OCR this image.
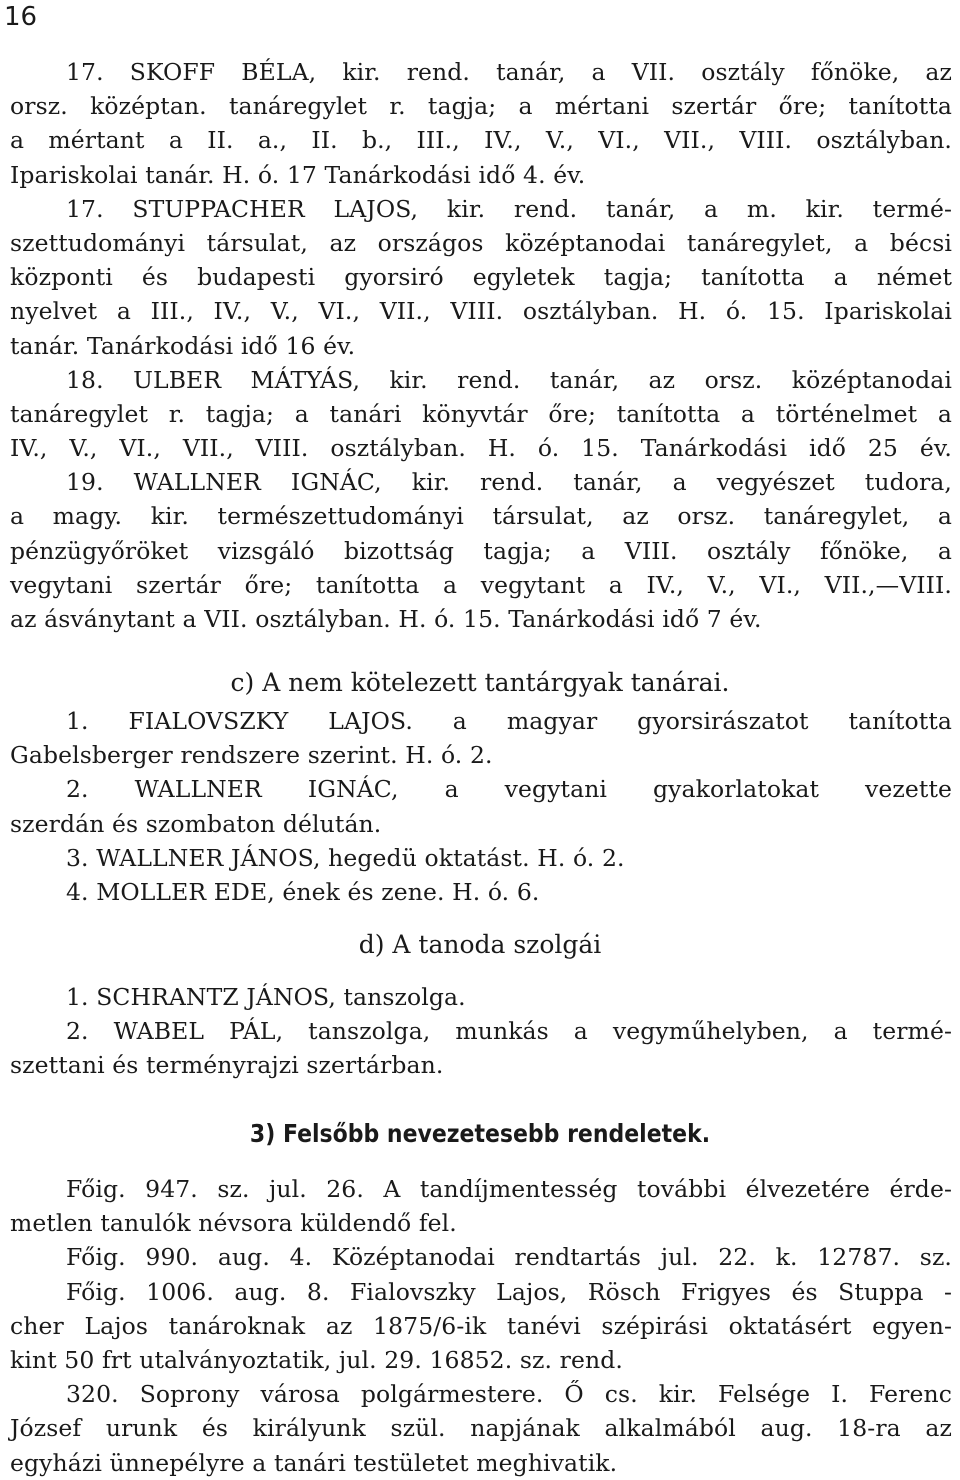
16
17. SKOFF BÉLA, kir. rend. tanár, a VII. osztály főnöke, az
orsz. középtan. tanáregylet r. tagja; a mértani szertár őre; tanította
a mértant a II. a., II. b., III., IV., V., VI., VII., VIII. osztályban.
Ipariskolai tanár. H. ó. 17 Tanárkodási idő 4. év.
17. STUPPACHER LAJOS, kir. rend. tanár, a m. kir. termé-
szettudományi társulat, az országos középtanodai tanáregylet, a bécsi
központi és budapesti gyorsiró egyletek tagja; tanította a német
nyelvet a III., IV., V., VI., VII., VIII. osztályban. H. ó. 15. Ipariskolai
tanár. Tanárkodási idő 16 év.
18. ULBER MÁTYÁS, kir. rend. tanár, az orsz. középtanodai
tanáregylet r. tagja; a tanári könyvtár őre; tanította a történelmet a
IV., V., VI., VII., VIII. osztályban. H. ó. 15. Tanárkodási idő 25 év.
19. WALLNER IGNÁC, kir. rend. tanár, a vegyészet tudora,
a magy. kir. természettudományi társulat, az orsz. tanáregylet, a
pénzügyőröket vizsgáló bizottság tagja; a VIII. osztály főnöke, a
vegytani szertár őre; tanította a vegytant a IV., V., VI., VII.,—VIII.
az ásványtant a VII. osztályban. H. ó. 15. Tanárkodási idő 7 év.
c) A nem kötelezett tantárgyak tanárai.
1. FIALOVSZKY LAJOS. a magyar gyorsirászatot tanította
Gabelsberger rendszere szerint. H. ó. 2.
2. WALLNER IGNÁC, a vegytani gyakorlatokat vezette
szerdán és szombaton délután.
3. WALLNER JÁNOS, hegedü oktatást. H. ó. 2.
4. MOLLER EDE, ének és zene. H. ó. 6.
d) A tanoda szolgái
1. SCHRANTZ JÁNOS, tanszolga.
2. WABEL PÁL, tanszolga, munkás a vegyműhelyben, a termé-
szettani és terményrajzi szertárban.
3) Felsőbb nevezetesebb rendeletek.
Főig. 947. sz. jul. 26. A tandíjmentesség további élvezetére érde-
metlen tanulók névsora küldendő fel.
Főig. 990. aug. 4. Középtanodai rendtartás jul. 22. k. 12787. sz.
Főig. 1006. aug. 8. Fialovszky Lajos, Rösch Frigyes és Stuppa -
cher Lajos tanároknak az 1875/6-ik tanévi szépirási oktatásért egyen-
kint 50 frt utalványoztatik, jul. 29. 16852. sz. rend.
320. Soprony városa polgármestere. Ő cs. kir. Felsége I. Ferenc
József urunk és királyunk szül. napjának alkalmából aug. 18-ra az
egyházi ünnepélyre a tanári testületet meghivatik.
